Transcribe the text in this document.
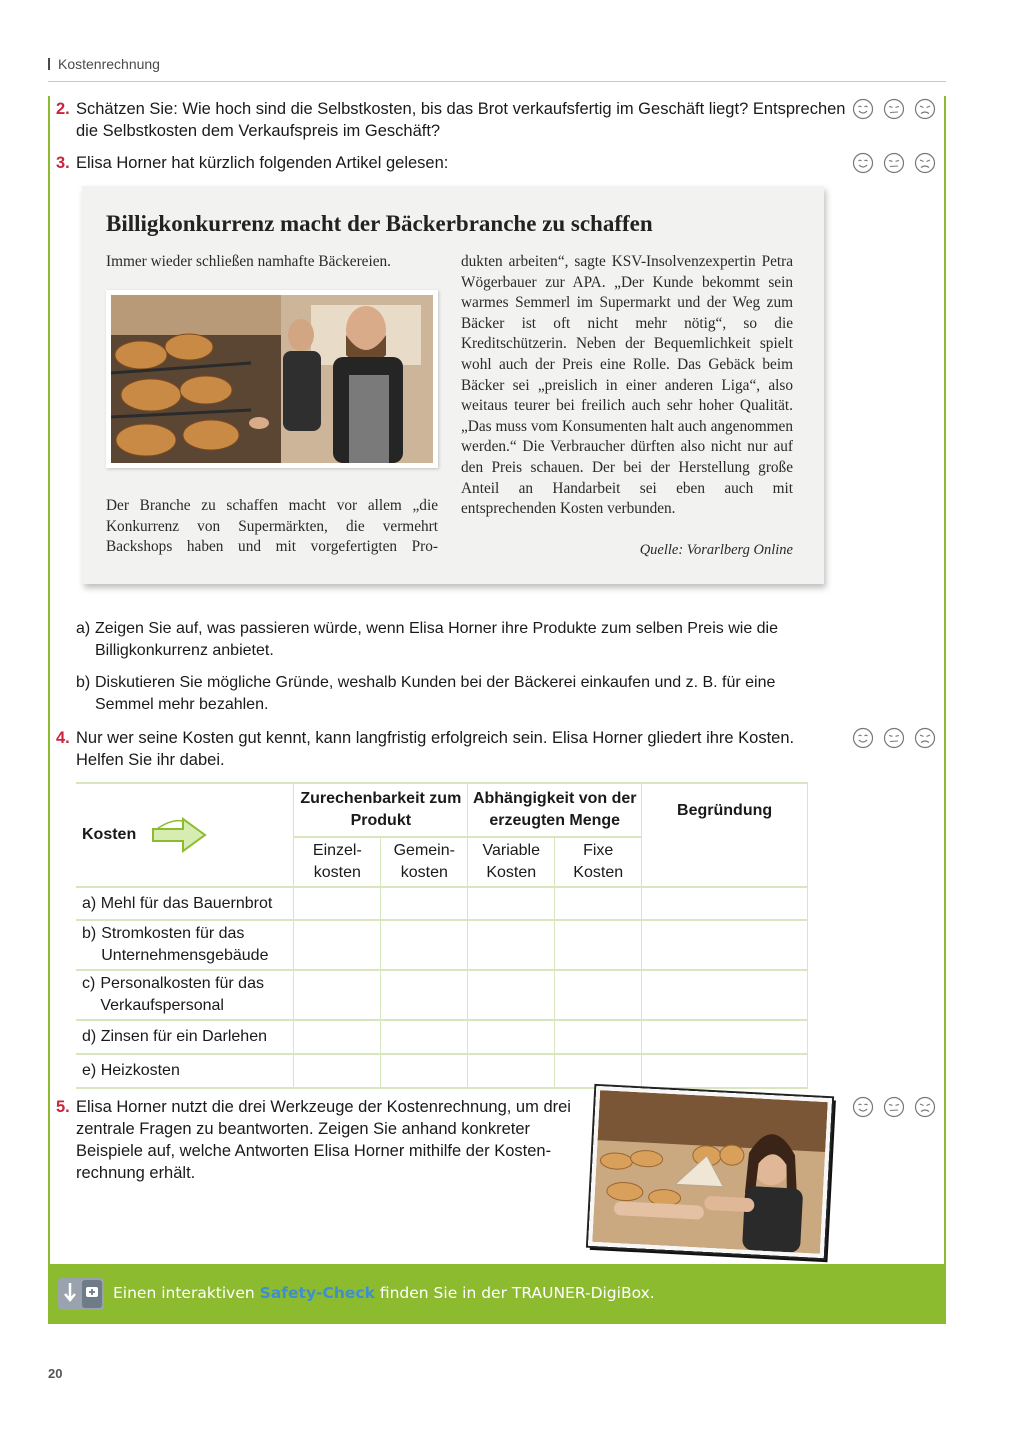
Kostenrechnung
2. Schätzen Sie: Wie hoch sind die Selbstkosten, bis das Brot verkaufsfertig im Geschäft liegt? Entsprechen die Selbstkosten dem Verkaufspreis im Geschäft?
3. Elisa Horner hat kürzlich folgenden Artikel gelesen:
Billigkonkurrenz macht der Bäckerbranche zu schaffen
Immer wieder schließen namhafte Bäckereien.
Der Branche zu schaffen macht vor allem „die Konkurrenz von Supermärkten, die vermehrt Backshops haben und mit vorgefertigten Pro-
dukten arbeiten“, sagte KSV-Insolvenzexpertin Petra Wögerbauer zur APA. „Der Kunde bekommt sein warmes Semmerl im Supermarkt und der Weg zum Bäcker ist oft nicht mehr nötig“, so die Kreditschützerin. Neben der Bequemlichkeit spielt wohl auch der Preis eine Rolle. Das Gebäck beim Bäcker sei „preislich in einer anderen Liga“, also weitaus teurer bei freilich auch sehr hoher Qualität. „Das muss vom Konsumenten halt auch angenommen werden.“ Die Verbraucher dürften also nicht nur auf den Preis schauen. Der bei der Herstellung große Anteil an Handarbeit sei eben auch mit entsprechenden Kosten verbunden.
Quelle: Vorarlberg Online
a) Zeigen Sie auf, was passieren würde, wenn Elisa Horner ihre Produkte zum selben Preis wie die Billigkonkurrenz anbietet.
b) Diskutieren Sie mögliche Gründe, weshalb Kunden bei der Bäckerei einkaufen und z. B. für eine Semmel mehr bezahlen.
4. Nur wer seine Kosten gut kennt, kann langfristig erfolgreich sein. Elisa Horner gliedert ihre Kosten. Helfen Sie ihr dabei.
Kosten	Zurechenbarkeit zum Produkt		Abhängigkeit von der erzeugten Menge		Begründung
	Einzel-kosten	Gemein-kosten	Variable Kosten	Fixe Kosten	
a) Mehl für das Bauernbrot					

b) Stromkosten für das Unternehmensgebäude					

c) Personalkosten für das Verkaufspersonal					

d) Zinsen für ein Darlehen					
e) Heizkosten					
5. Elisa Horner nutzt die drei Werkzeuge der Kostenrechnung, um drei zentrale Fragen zu beantworten. Zeigen Sie anhand konkreter Beispiele auf, welche Antworten Elisa Horner mithilfe der Kostenrechnung erhält.
Einen interaktiven Safety-Check finden Sie in der TRAUNER-DigiBox.
20
